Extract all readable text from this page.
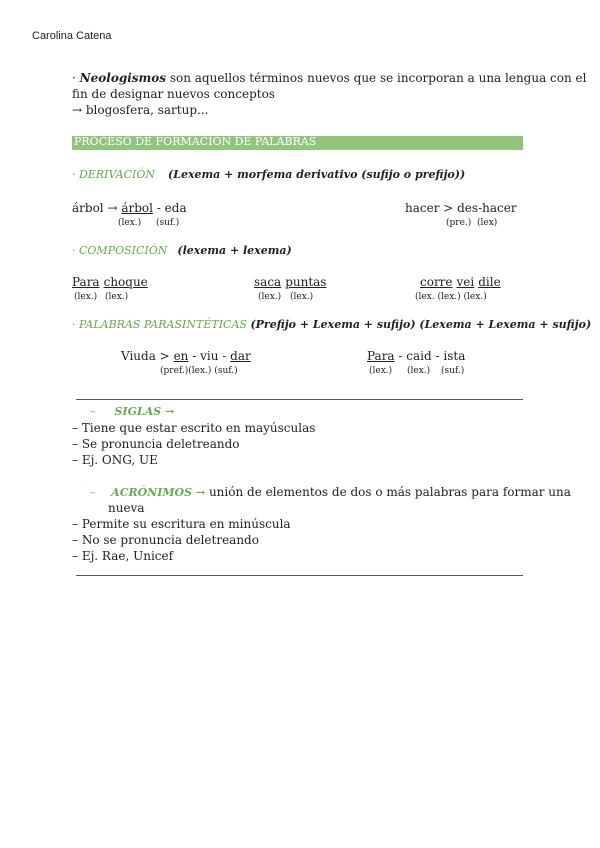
Carolina Catena
· Neologismos son aquellos términos nuevos que se incorporan a una lengua con el
fin de designar nuevos conceptos
→ blogosfera, sartup...
PROCESO DE FORMACIÓN DE PALABRAS
· DERIVACIÓN (Lexema + morfema derivativo (sufijo o prefijo))
árbol → árbol - eda
(lex.) (suf.)
hacer > des-hacer
(pre.) (lex)
· COMPOSICIÓN (lexema + lexema)
Para choque
(lex.) (lex.)
saca puntas
(lex.) (lex.)
corre vei dile
(lex. (lex.) (lex.)
· PALABRAS PARASINTÉTICAS (Prefijo + Lexema + sufijo) (Lexema + Lexema + sufijo)
Viuda > en - viu - dar
(pref.)(lex.) (suf.)
Para - caid - ista
(lex.) (lex.) (suf.)
– SIGLAS →
– Tiene que estar escrito en mayúsculas
– Se pronuncia deletreando
– Ej. ONG, UE
– ACRÓNIMOS → unión de elementos de dos o más palabras para formar una
nueva
– Permite su escritura en minúscula
– No se pronuncia deletreando
– Ej. Rae, Unicef
